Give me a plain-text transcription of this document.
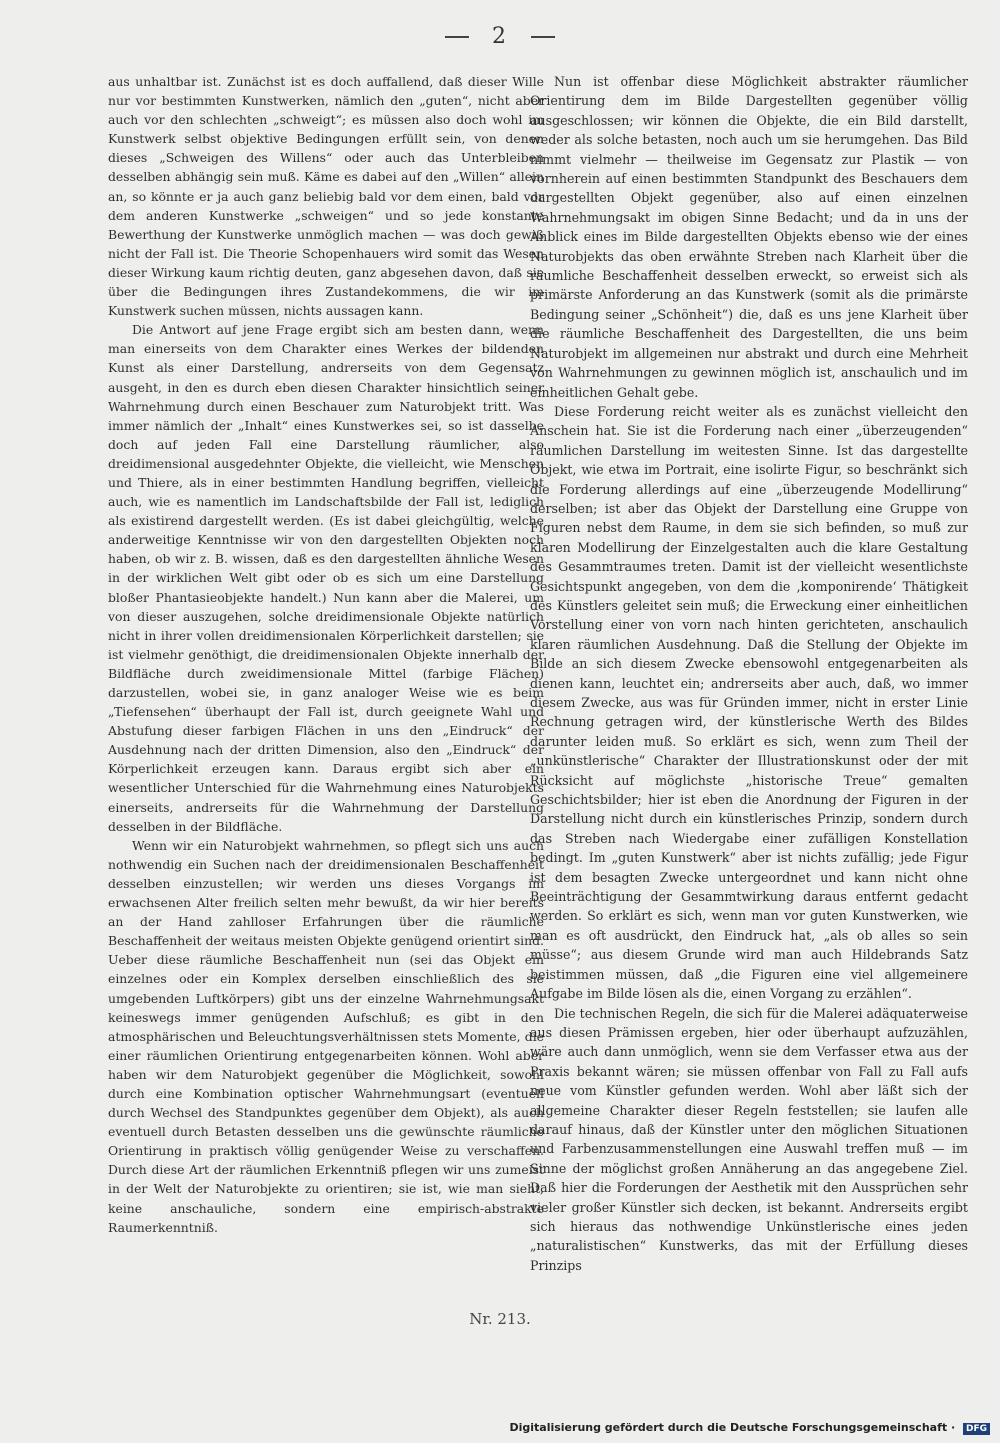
2

aus unhaltbar ist. Zunächst ist es doch auffallend, daß dieser Wille nur vor bestimmten Kunstwerken, nämlich den „guten“, nicht aber auch vor den schlechten „schweigt“; es müssen also doch wohl im Kunstwerk selbst objektive Bedingungen erfüllt sein, von denen dieses „Schweigen des Willens“ oder auch das Unterbleiben desselben abhängig sein muß. Käme es dabei auf den „Willen“ allein an, so könnte er ja auch ganz beliebig bald vor dem einen, bald vor dem anderen Kunstwerke „schweigen“ und so jede konstante Bewerthung der Kunstwerke unmöglich machen — was doch gewiß nicht der Fall ist. Die Theorie Schopenhauers wird somit das Wesen dieser Wirkung kaum richtig deuten, ganz abgesehen davon, daß sie über die Bedingungen ihres Zustandekommens, die wir im Kunstwerk suchen müssen, nichts aussagen kann.

Die Antwort auf jene Frage ergibt sich am besten dann, wenn man einerseits von dem Charakter eines Werkes der bildenden Kunst als einer Darstellung, andrerseits von dem Gegensatz ausgeht, in den es durch eben diesen Charakter hinsichtlich seiner Wahrnehmung durch einen Beschauer zum Naturobjekt tritt. Was immer nämlich der „Inhalt“ eines Kunstwerkes sei, so ist dasselbe doch auf jeden Fall eine Darstellung räumlicher, also dreidimensional ausgedehnter Objekte, die vielleicht, wie Menschen und Thiere, als in einer bestimmten Handlung begriffen, vielleicht auch, wie es namentlich im Landschaftsbilde der Fall ist, lediglich als existirend dargestellt werden. (Es ist dabei gleichgültig, welche anderweitige Kenntnisse wir von den dargestellten Objekten noch haben, ob wir z. B. wissen, daß es den dargestellten ähnliche Wesen in der wirklichen Welt gibt oder ob es sich um eine Darstellung bloßer Phantasieobjekte handelt.) Nun kann aber die Malerei, um von dieser auszugehen, solche dreidimensionale Objekte natürlich nicht in ihrer vollen dreidimensionalen Körperlichkeit darstellen; sie ist vielmehr genöthigt, die dreidimensionalen Objekte innerhalb der Bildfläche durch zweidimensionale Mittel (farbige Flächen) darzustellen, wobei sie, in ganz analoger Weise wie es beim „Tiefensehen“ überhaupt der Fall ist, durch geeignete Wahl und Abstufung dieser farbigen Flächen in uns den „Eindruck“ der Ausdehnung nach der dritten Dimension, also den „Eindruck“ der Körperlichkeit erzeugen kann. Daraus ergibt sich aber ein wesentlicher Unterschied für die Wahrnehmung eines Naturobjekts einerseits, andrerseits für die Wahrnehmung der Darstellung desselben in der Bildfläche.

Wenn wir ein Naturobjekt wahrnehmen, so pflegt sich uns auch nothwendig ein Suchen nach der dreidimensionalen Beschaffenheit desselben einzustellen; wir werden uns dieses Vorgangs im erwachsenen Alter freilich selten mehr bewußt, da wir hier bereits an der Hand zahlloser Erfahrungen über die räumliche Beschaffenheit der weitaus meisten Objekte genügend orientirt sind. Ueber diese räumliche Beschaffenheit nun (sei das Objekt ein einzelnes oder ein Komplex derselben einschließlich des sie umgebenden Luftkörpers) gibt uns der einzelne Wahrnehmungsakt keineswegs immer genügenden Aufschluß; es gibt in den atmosphärischen und Beleuchtungsverhältnissen stets Momente, die einer räumlichen Orientirung entgegenarbeiten können. Wohl aber haben wir dem Naturobjekt gegenüber die Möglichkeit, sowohl durch eine Kombination optischer Wahrnehmungsart (eventuell durch Wechsel des Standpunktes gegenüber dem Objekt), als auch eventuell durch Betasten desselben uns die gewünschte räumliche Orientirung in praktisch völlig genügender Weise zu verschaffen. Durch diese Art der räumlichen Erkenntniß pflegen wir uns zumeist in der Welt der Naturobjekte zu orientiren; sie ist, wie man sieht, keine anschauliche, sondern eine empirisch-abstrakte Raumerkenntniß.

Nun ist offenbar diese Möglichkeit abstrakter räumlicher Orientirung dem im Bilde Dargestellten gegenüber völlig ausgeschlossen; wir können die Objekte, die ein Bild darstellt, weder als solche betasten, noch auch um sie herumgehen. Das Bild nimmt vielmehr — theilweise im Gegensatz zur Plastik — von vornherein auf einen bestimmten Standpunkt des Beschauers dem dargestellten Objekt gegenüber, also auf einen einzelnen Wahrnehmungsakt im obigen Sinne Bedacht; und da in uns der Anblick eines im Bilde dargestellten Objekts ebenso wie der eines Naturobjekts das oben erwähnte Streben nach Klarheit über die räumliche Beschaffenheit desselben erweckt, so erweist sich als primärste Anforderung an das Kunstwerk (somit als die primärste Bedingung seiner „Schönheit“) die, daß es uns jene Klarheit über die räumliche Beschaffenheit des Dargestellten, die uns beim Naturobjekt im allgemeinen nur abstrakt und durch eine Mehrheit von Wahrnehmungen zu gewinnen möglich ist, anschaulich und im einheitlichen Gehalt gebe.

Diese Forderung reicht weiter als es zunächst vielleicht den Anschein hat. Sie ist die Forderung nach einer „überzeugenden“ räumlichen Darstellung im weitesten Sinne. Ist das dargestellte Objekt, wie etwa im Portrait, eine isolirte Figur, so beschränkt sich die Forderung allerdings auf eine „überzeugende Modellirung“ derselben; ist aber das Objekt der Darstellung eine Gruppe von Figuren nebst dem Raume, in dem sie sich befinden, so muß zur klaren Modellirung der Einzelgestalten auch die klare Gestaltung des Gesammtraumes treten. Damit ist der vielleicht wesentlichste Gesichtspunkt angegeben, von dem die ‚komponirende‘ Thätigkeit des Künstlers geleitet sein muß; die Erweckung einer einheitlichen Vorstellung einer von vorn nach hinten gerichteten, anschaulich klaren räumlichen Ausdehnung. Daß die Stellung der Objekte im Bilde an sich diesem Zwecke ebensowohl entgegenarbeiten als dienen kann, leuchtet ein; andrerseits aber auch, daß, wo immer diesem Zwecke, aus was für Gründen immer, nicht in erster Linie Rechnung getragen wird, der künstlerische Werth des Bildes darunter leiden muß. So erklärt es sich, wenn zum Theil der „unkünstlerische“ Charakter der Illustrationskunst oder der mit Rücksicht auf möglichste „historische Treue“ gemalten Geschichtsbilder; hier ist eben die Anordnung der Figuren in der Darstellung nicht durch ein künstlerisches Prinzip, sondern durch das Streben nach Wiedergabe einer zufälligen Konstellation bedingt. Im „guten Kunstwerk“ aber ist nichts zufällig; jede Figur ist dem besagten Zwecke untergeordnet und kann nicht ohne Beeinträchtigung der Gesammtwirkung daraus entfernt gedacht werden. So erklärt es sich, wenn man vor guten Kunstwerken, wie man es oft ausdrückt, den Eindruck hat, „als ob alles so sein müsse“; aus diesem Grunde wird man auch Hildebrands Satz beistimmen müssen, daß „die Figuren eine viel allgemeinere Aufgabe im Bilde lösen als die, einen Vorgang zu erzählen“.

Die technischen Regeln, die sich für die Malerei adäquaterweise aus diesen Prämissen ergeben, hier oder überhaupt aufzuzählen, wäre auch dann unmöglich, wenn sie dem Verfasser etwa aus der Praxis bekannt wären; sie müssen offenbar von Fall zu Fall aufs neue vom Künstler gefunden werden. Wohl aber läßt sich der allgemeine Charakter dieser Regeln feststellen; sie laufen alle darauf hinaus, daß der Künstler unter den möglichen Situationen und Farbenzusammenstellungen eine Auswahl treffen muß — im Sinne der möglichst großen Annäherung an das angegebene Ziel. Daß hier die Forderungen der Aesthetik mit den Aussprüchen sehr vieler großer Künstler sich decken, ist bekannt. Andrerseits ergibt sich hieraus das nothwendige Unkünstlerische eines jeden „naturalistischen“ Kunstwerks, das mit der Erfüllung dieses Prinzips

Nr. 213.
Digitalisierung gefördert durch die Deutsche Forschungsgemeinschaft · DFG
